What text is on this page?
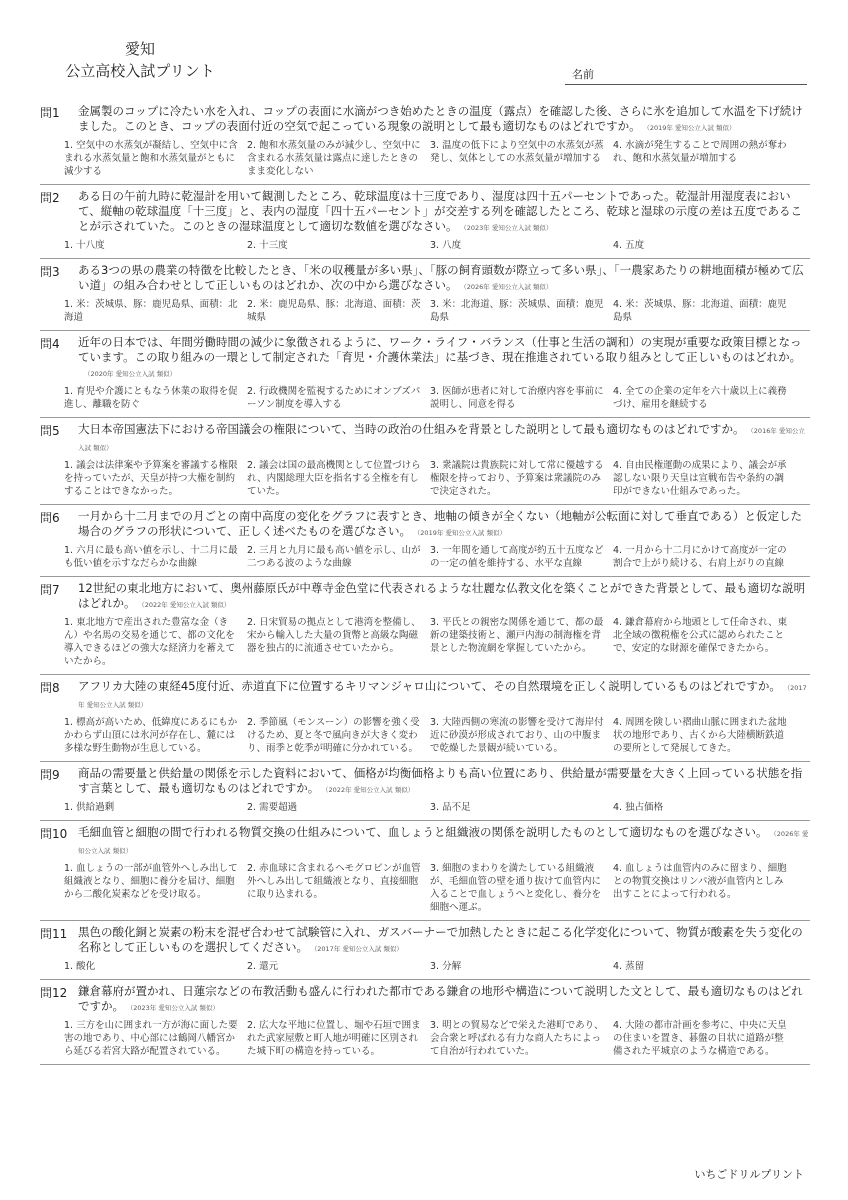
愛知
公立高校入試プリント	名前
問1	金属製のコップに冷たい水を入れ、コップの表面に水滴がつき始めたときの温度（露点）を確認した後、さらに氷を追加して水温を下げ続けました。このとき、コップの表面付近の空気で起こっている現象の説明として最も適切なものはどれですか。 （2019年 愛知公立入試 類似）
1. 空気中の水蒸気が凝結し、空気中に含まれる水蒸気量と飽和水蒸気量がともに減少する
2. 飽和水蒸気量のみが減少し、空気中に含まれる水蒸気量は露点に達したときのまま変化しない
3. 温度の低下により空気中の水蒸気が蒸発し、気体としての水蒸気量が増加する
4. 水滴が発生することで周囲の熱が奪われ、飽和水蒸気量が増加する
問2	ある日の午前九時に乾湿計を用いて観測したところ、乾球温度は十三度であり、湿度は四十五パーセントであった。乾湿計用湿度表において、縦軸の乾球温度「十三度」と、表内の湿度「四十五パーセント」が交差する列を確認したところ、乾球と湿球の示度の差は五度であることが示されていた。このときの湿球温度として適切な数値を選びなさい。 （2023年 愛知公立入試 類似）
1. 十八度	2. 十三度	3. 八度	4. 五度
問3	ある3つの県の農業の特徴を比較したとき、「米の収穫量が多い県」、「豚の飼育頭数が際立って多い県」、「一農家あたりの耕地面積が極めて広い道」の組み合わせとして正しいものはどれか、次の中から選びなさい。 （2026年 愛知公立入試 類似）
1. 米：茨城県、豚：鹿児島県、面積：北海道
2. 米：鹿児島県、豚：北海道、面積：茨城県
3. 米：北海道、豚：茨城県、面積：鹿児島県
4. 米：茨城県、豚：北海道、面積：鹿児島県
問4	近年の日本では、年間労働時間の減少に象徴されるように、ワーク・ライフ・バランス（仕事と生活の調和）の実現が重要な政策目標となっています。この取り組みの一環として制定された「育児・介護休業法」に基づき、現在推進されている取り組みとして正しいものはどれか。（2020年 愛知公立入試 類似）
1. 育児や介護にともなう休業の取得を促進し、離職を防ぐ
2. 行政機関を監視するためにオンブズパーソン制度を導入する
3. 医師が患者に対して治療内容を事前に説明し、同意を得る
4. 全ての企業の定年を六十歳以上に義務づけ、雇用を継続する
問5	大日本帝国憲法下における帝国議会の権限について、当時の政治の仕組みを背景とした説明として最も適切なものはどれですか。 （2016年 愛知公立入試 類似）
1. 議会は法律案や予算案を審議する権限を持っていたが、天皇が持つ大権を制約することはできなかった。
2. 議会は国の最高機関として位置づけられ、内閣総理大臣を指名する全権を有していた。
3. 衆議院は貴族院に対して常に優越する権限を持っており、予算案は衆議院のみで決定された。
4. 自由民権運動の成果により、議会が承認しない限り天皇は宣戦布告や条約の調印ができない仕組みであった。
問6	一月から十二月までの月ごとの南中高度の変化をグラフに表すとき、地軸の傾きが全くない（地軸が公転面に対して垂直である）と仮定した場合のグラフの形状について、正しく述べたものを選びなさい。 （2019年 愛知公立入試 類似）
1. 六月に最も高い値を示し、十二月に最も低い値を示すなだらかな曲線
2. 三月と九月に最も高い値を示し、山が二つある波のような曲線
3. 一年間を通して高度が約五十五度などの一定の値を維持する、水平な直線
4. 一月から十二月にかけて高度が一定の割合で上がり続ける、右肩上がりの直線
問7	12世紀の東北地方において、奥州藤原氏が中尊寺金色堂に代表されるような壮麗な仏教文化を築くことができた背景として、最も適切な説明はどれか。 （2022年 愛知公立入試 類似）
1. 東北地方で産出された豊富な金（きん）や名馬の交易を通じて、都の文化を導入できるほどの強大な経済力を蓄えていたから。
2. 日宋貿易の拠点として港湾を整備し、宋から輸入した大量の貨幣と高級な陶磁器を独占的に流通させていたから。
3. 平氏との親密な関係を通じて、都の最新の建築技術と、瀬戸内海の制海権を背景とした物流網を掌握していたから。
4. 鎌倉幕府から地頭として任命され、東北全域の徴税権を公式に認められたことで、安定的な財源を確保できたから。
問8	アフリカ大陸の東経45度付近、赤道直下に位置するキリマンジャロ山について、その自然環境を正しく説明しているものはどれですか。 （2017年 愛知公立入試 類似）
1. 標高が高いため、低緯度にあるにもかかわらず山頂には氷河が存在し、麓には多様な野生動物が生息している。
2. 季節風（モンスーン）の影響を強く受けるため、夏と冬で風向きが大きく変わり、雨季と乾季が明確に分かれている。
3. 大陸西側の寒流の影響を受けて海岸付近に砂漠が形成されており、山の中腹まで乾燥した景観が続いている。
4. 周囲を険しい褶曲山脈に囲まれた盆地状の地形であり、古くから大陸横断鉄道の要所として発展してきた。
問9	商品の需要量と供給量の関係を示した資料において、価格が均衡価格よりも高い位置にあり、供給量が需要量を大きく上回っている状態を指す言葉として、最も適切なものはどれですか。 （2022年 愛知公立入試 類似）
1. 供給過剰	2. 需要超過	3. 品不足	4. 独占価格
問10 毛細血管と細胞の間で行われる物質交換の仕組みについて、血しょうと組織液の関係を説明したものとして適切なものを選びなさい。 （2026年 愛知公立入試 類似）
1. 血しょうの一部が血管外へしみ出して組織液となり、細胞に養分を届け、細胞から二酸化炭素などを受け取る。
2. 赤血球に含まれるヘモグロビンが血管外へしみ出して組織液となり、直接細胞に取り込まれる。
3. 細胞のまわりを満たしている組織液が、毛細血管の壁を通り抜けて血管内に入ることで血しょうへと変化し、養分を細胞へ運ぶ。
4. 血しょうは血管内のみに留まり、細胞との物質交換はリンパ液が血管内としみ出すことによって行われる。
問11 黒色の酸化銅と炭素の粉末を混ぜ合わせて試験管に入れ、ガスバーナーで加熱したときに起こる化学変化について、物質が酸素を失う変化の名称として正しいものを選択してください。 （2017年 愛知公立入試 類似）
1. 酸化	2. 還元	3. 分解	4. 蒸留
問12 鎌倉幕府が置かれ、日蓮宗などの布教活動も盛んに行われた都市である鎌倉の地形や構造について説明した文として、最も適切なものはどれですか。 （2023年 愛知公立入試 類似）
1. 三方を山に囲まれ一方が海に面した要害の地であり、中心部には鶴岡八幡宮から延びる若宮大路が配置されている。
2. 広大な平地に位置し、堀や石垣で囲まれた武家屋敷と町人地が明確に区別された城下町の構造を持っている。
3. 明との貿易などで栄えた港町であり、会合衆と呼ばれる有力な商人たちによって自治が行われていた。
4. 大陸の都市計画を参考に、中央に天皇の住まいを置き、碁盤の目状に道路が整備された平城京のような構造である。
いちごドリルプリント
